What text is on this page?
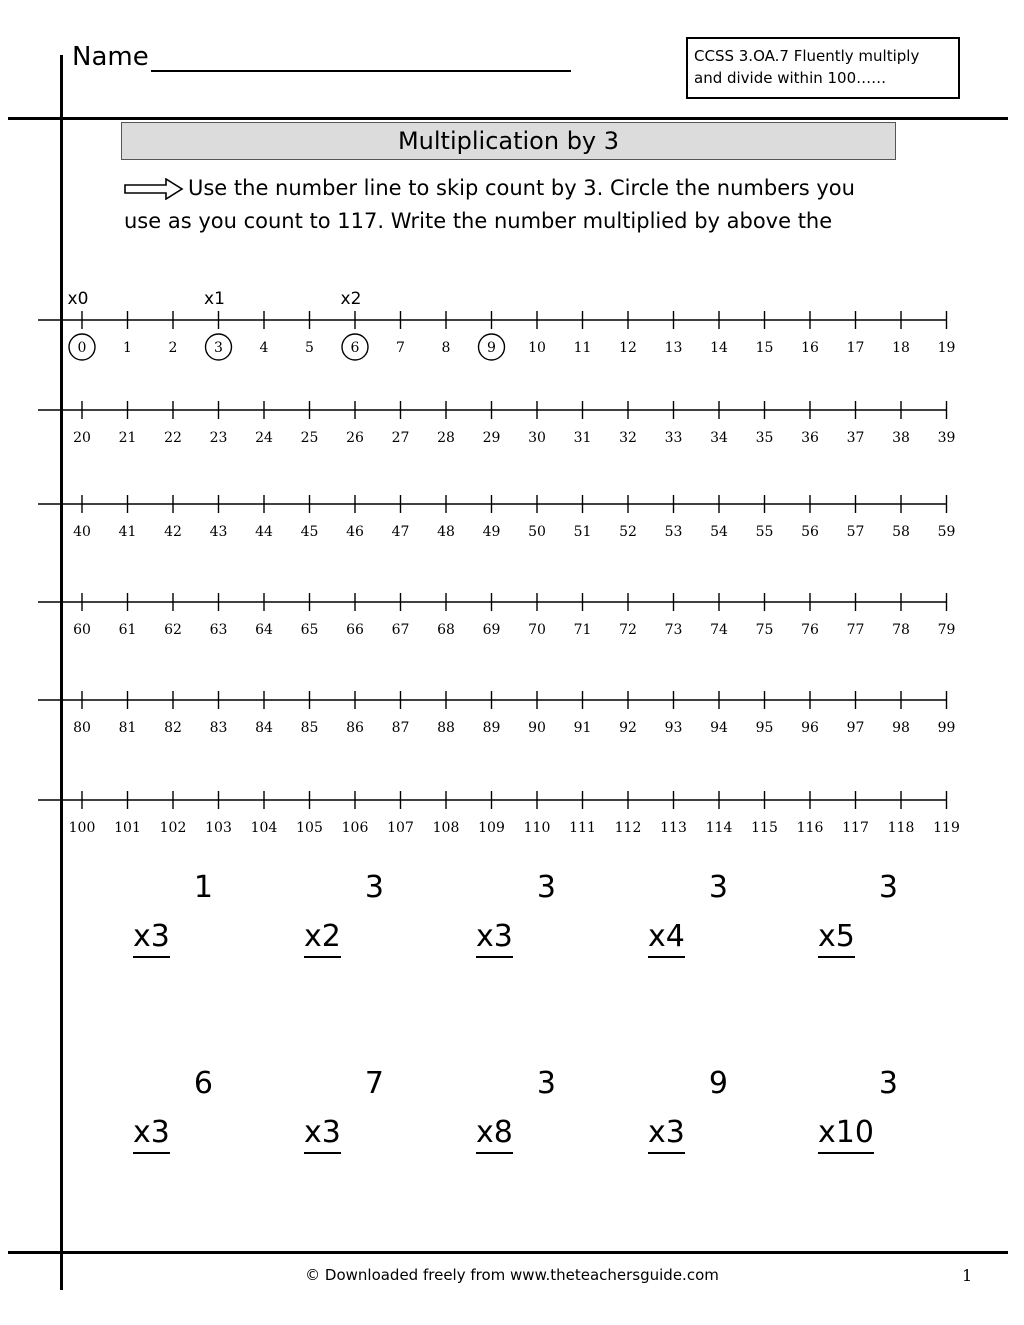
Name	CCSS 3.OA.7 Fluently multiply
and divide within 100……
Multiplication by 3
Use the number line to skip count by 3. Circle the numbers you
use as you count to 117. Write the number multiplied by above the
0	1	2	3	4	5	6	7	8	9 10 11 12 13 14 15 16 17 18 19
x0	x1	x2
20 21 22 23 24 25 26 27 28 29 30 31 32 33 34 35 36 37 38 39
40 41 42 43 44 45 46 47 48 49 50 51 52 53 54 55 56 57 58 59
60 61 62 63 64 65 66 67 68 69 70 71 72 73 74 75 76 77 78 79
80 81 82 83 84 85 86 87 88 89 90 91 92 93 94 95 96 97 98 99
100 101 102 103 104 105 106 107 108 109 110 111 112 113 114 115 116 117 118 119
1
x3
3
x2
3
x3
3
x4
3
x5
6
x3
7
x3
3
x8
9
x3
3
x10
© Downloaded freely from www.theteachersguide.com	1
